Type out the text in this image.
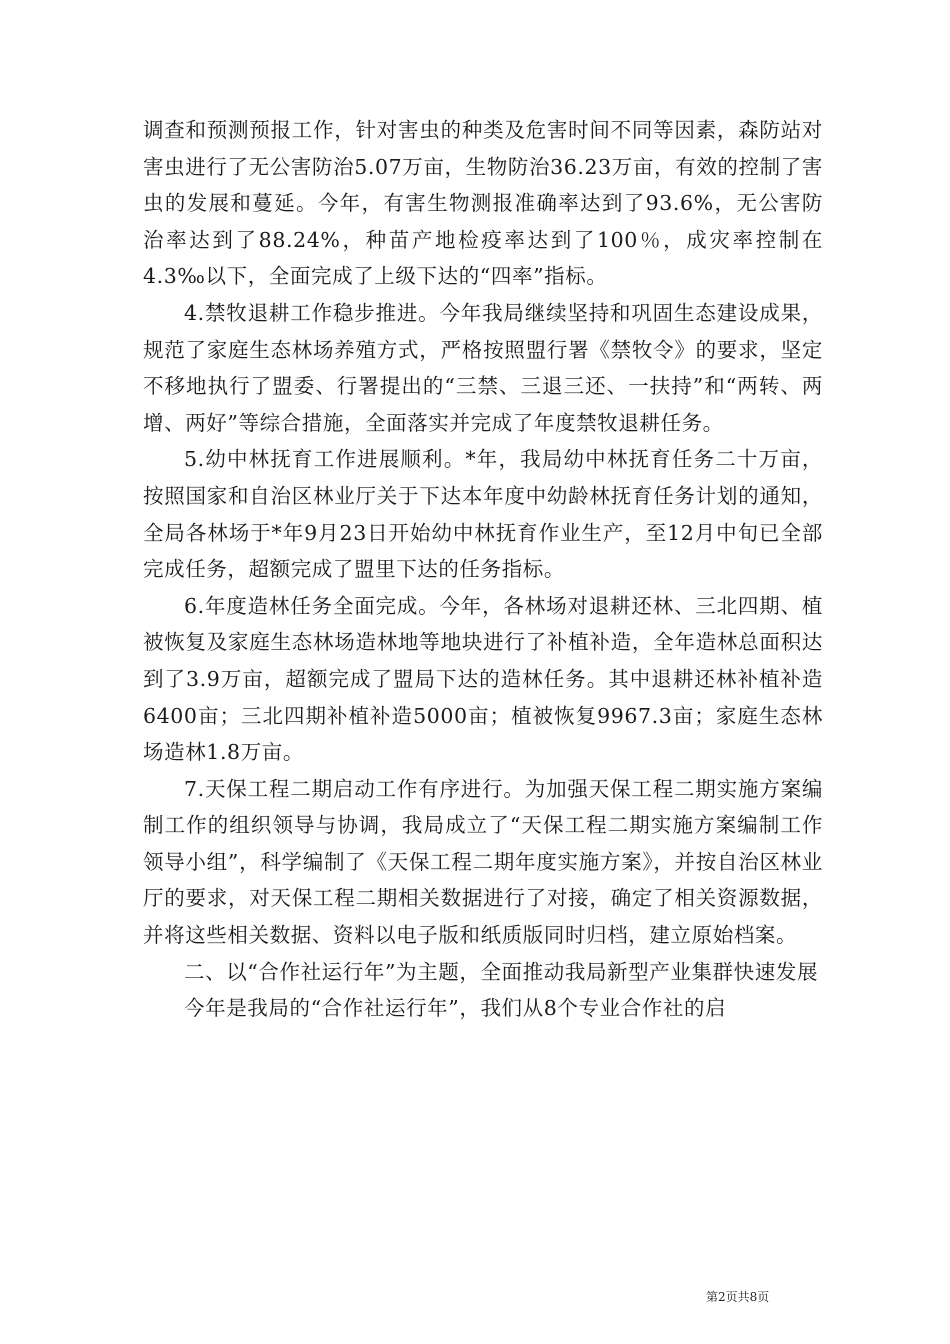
调查和预测预报工作，针对害虫的种类及危害时间不同等因素，森防站对害虫进行了无公害防治5.07万亩，生物防治36.23万亩，有效的控制了害虫的发展和蔓延。今年，有害生物测报准确率达到了93.6%，无公害防治率达到了88.24%，种苗产地检疫率达到了100％，成灾率控制在4.3‰以下，全面完成了上级下达的“四率”指标。

4.禁牧退耕工作稳步推进。今年我局继续坚持和巩固生态建设成果，规范了家庭生态林场养殖方式，严格按照盟行署《禁牧令》的要求，坚定不移地执行了盟委、行署提出的“三禁、三退三还、一扶持”和“两转、两增、两好”等综合措施，全面落实并完成了年度禁牧退耕任务。

5.幼中林抚育工作进展顺利。*年，我局幼中林抚育任务二十万亩，按照国家和自治区林业厅关于下达本年度中幼龄林抚育任务计划的通知，全局各林场于*年9月23日开始幼中林抚育作业生产，至12月中旬已全部完成任务，超额完成了盟里下达的任务指标。

6.年度造林任务全面完成。今年，各林场对退耕还林、三北四期、植被恢复及家庭生态林场造林地等地块进行了补植补造，全年造林总面积达到了3.9万亩，超额完成了盟局下达的造林任务。其中退耕还林补植补造6400亩；三北四期补植补造5000亩；植被恢复9967.3亩；家庭生态林场造林1.8万亩。

7.天保工程二期启动工作有序进行。为加强天保工程二期实施方案编制工作的组织领导与协调，我局成立了“天保工程二期实施方案编制工作领导小组”，科学编制了《天保工程二期年度实施方案》，并按自治区林业厅的要求，对天保工程二期相关数据进行了对接，确定了相关资源数据，并将这些相关数据、资料以电子版和纸质版同时归档，建立原始档案。

二、以“合作社运行年”为主题，全面推动我局新型产业集群快速发展

今年是我局的“合作社运行年”，我们从8个专业合作社的启

第2页共8页
